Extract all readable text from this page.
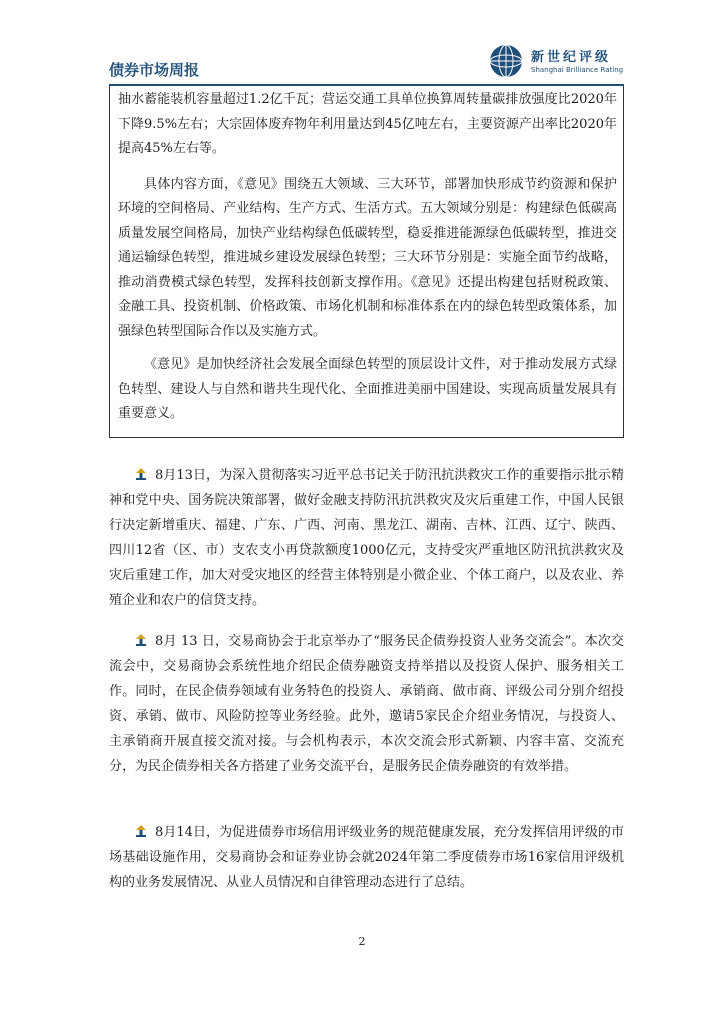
债券市场周报
新世纪评级
Shanghai Brilliance Rating

抽水蓄能装机容量超过1.2亿千瓦；营运交通工具单位换算周转量碳排放强度比2020年下降9.5%左右；大宗固体废弃物年利用量达到45亿吨左右，主要资源产出率比2020年提高45%左右等。

具体内容方面，《意见》围绕五大领域、三大环节，部署加快形成节约资源和保护环境的空间格局、产业结构、生产方式、生活方式。五大领域分别是：构建绿色低碳高质量发展空间格局，加快产业结构绿色低碳转型，稳妥推进能源绿色低碳转型，推进交通运输绿色转型，推进城乡建设发展绿色转型；三大环节分别是：实施全面节约战略，推动消费模式绿色转型，发挥科技创新支撑作用。《意见》还提出构建包括财税政策、金融工具、投资机制、价格政策、市场化机制和标准体系在内的绿色转型政策体系，加强绿色转型国际合作以及实施方式。

《意见》是加快经济社会发展全面绿色转型的顶层设计文件，对于推动发展方式绿色转型、建设人与自然和谐共生现代化、全面推进美丽中国建设、实现高质量发展具有重要意义。

8月13日，为深入贯彻落实习近平总书记关于防汛抗洪救灾工作的重要指示批示精神和党中央、国务院决策部署，做好金融支持防汛抗洪救灾及灾后重建工作，中国人民银行决定新增重庆、福建、广东、广西、河南、黑龙江、湖南、吉林、江西、辽宁、陕西、四川12省（区、市）支农支小再贷款额度1000亿元，支持受灾严重地区防汛抗洪救灾及灾后重建工作，加大对受灾地区的经营主体特别是小微企业、个体工商户，以及农业、养殖企业和农户的信贷支持。
8月 13 日，交易商协会于北京举办了“服务民企债券投资人业务交流会”。本次交流会中，交易商协会系统性地介绍民企债券融资支持举措以及投资人保护、服务相关工作。同时，在民企债券领域有业务特色的投资人、承销商、做市商、评级公司分别介绍投资、承销、做市、风险防控等业务经验。此外，邀请5家民企介绍业务情况，与投资人、主承销商开展直接交流对接。与会机构表示，本次交流会形式新颖、内容丰富、交流充分，为民企债券相关各方搭建了业务交流平台，是服务民企债券融资的有效举措。
8月14日，为促进债券市场信用评级业务的规范健康发展，充分发挥信用评级的市场基础设施作用，交易商协会和证券业协会就2024年第二季度债券市场16家信用评级机构的业务发展情况、从业人员情况和自律管理动态进行了总结。
2
